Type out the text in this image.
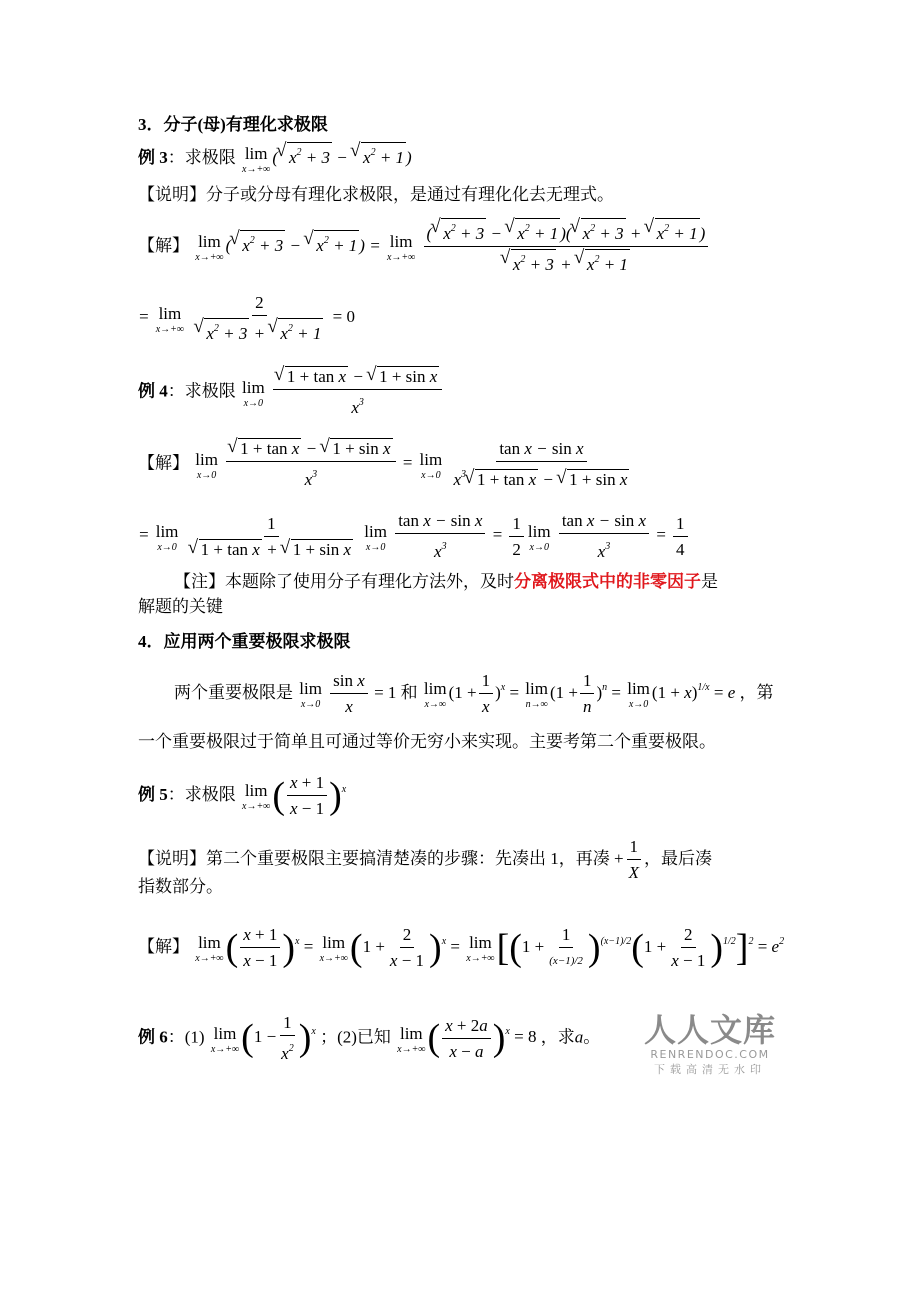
3．分子(母)有理化求极限
例 3：求极限 lim
x→+∞
( √ $x^2 + 3$ − √ $x^2 + 1$ )
【说明】分子或分母有理化求极限，是通过有理化化去无理式。
【解】 lim
x→+∞
( √ $x^2 + 3$ − √ $x^2 + 1$ ) = lim
x→+∞
( √ $x^2 + 3$ − √ $x^2 + 1$ )( √ $x^2 + 3$ + √ $x^2 + 1$ )
√ $x^2 + 3$ + √ $x^2 + 1$
= lim
x→+∞
2
√ $x^2 + 3$ + √ $x^2 + 1 = 0$
例 4：求极限 lim
x→0
√ $\frac{\text{1 + tan x − √ 1 + sin x}}{x^3}$
【解】 lim
x→0
√ $\frac{\text{1 + tan x − √ 1 + sin x}}{x^3} = \lim$
x→0
$\frac{\text{tan x − sin x}}{x^3 √ 1 + \tan x - √ 1 + \sin x}$
= lim
x→0
1
√ 1 + tan x + √ 1 + sin x
lim
x→0
$\frac{\text{tan x − sin x}}{x^3} = \frac{1}{2}$ lim
x→0
$\frac{\text{tan x − sin x}}{x^3} = \frac{1}{4}$
【注】本题除了使用分子有理化方法外，及时分离极限式中的非零因子是
解题的关键
4．应用两个重要极限求极限
两个重要极限是 lim
x→0
$\frac{\text{sin x}}{x} = 1$ 和 lim
x→∞
$(1 + \frac{1}{x} )^x = \lim$
n→∞
$(1 + \frac{1}{n} )^n = \lim$
x→0
$(1 + x)^{1/x} = e$ ，第
一个重要极限过于简单且可通过等价无穷小来实现。主要考第二个重要极限。
例 5：求极限 lim
x→+∞ ( $\frac{x + 1}{x - 1} )^x$
【说明】第二个重要极限主要搞清楚凑的步骤：先凑出 1，再凑 + $\frac{1}{X}$ ，最后凑
指数部分。
【解】 lim
x→+∞ ( $\frac{x + 1}{x - 1} )^x = \lim$
x→+∞ $(1 + \frac{2}{x - 1} )^x = \lim$
x→+∞ $[(1 + \frac{1}{(x-1)/2} )^{(x-1)/2}(1 + \frac{2}{x - 1} )^{1/2}]^2 = e^2$
例 6：(1) lim
x→+∞ $(1 - \frac{1}{x^2} )^x$ ；(2)已知 lim
x→+∞ ( $\frac{x + 2a}{x - a} )^x = 8$ ，求a。 人人文库
RENRENDOC.COM
下载高清无水印
